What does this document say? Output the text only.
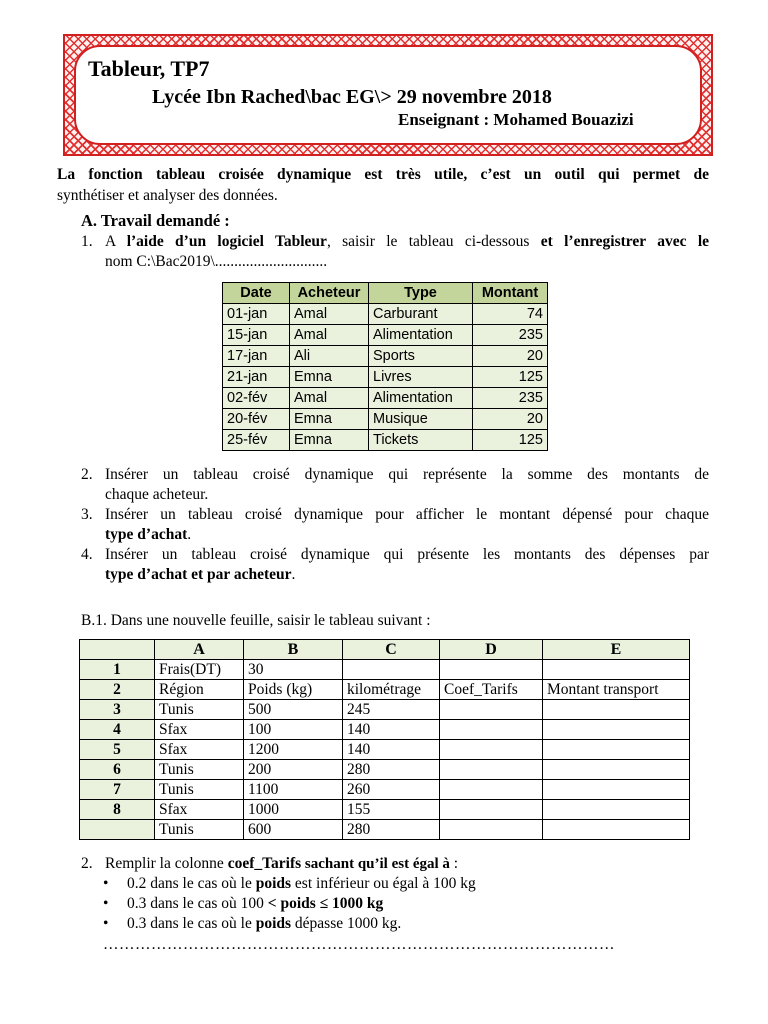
Tableur, TP7
Lycée Ibn Rached\bac EG\> 29 novembre 2018
Enseignant : Mohamed Bouazizi
La fonction tableau croisée dynamique est très utile, c’est un outil qui permet de
synthétiser et analyser des données.
A. Travail demandé :
1. A l’aide d’un logiciel Tableur, saisir le tableau ci-dessous et l’enregistrer avec le
nom C:\Bac2019\.............................
Date	Acheteur	Type	Montant
01-jan	Amal	Carburant	74
15-jan	Amal	Alimentation	235
17-jan	Ali	Sports	20
21-jan	Emna	Livres	125
02-fév	Amal	Alimentation	235
20-fév	Emna	Musique	20
25-fév	Emna	Tickets	125
2. Insérer un tableau croisé dynamique qui représente la somme des montants de
chaque acheteur.
3. Insérer un tableau croisé dynamique pour afficher le montant dépensé pour chaque
type d’achat.
4. Insérer un tableau croisé dynamique qui présente les montants des dépenses par
type d’achat et par acheteur.
B.1. Dans une nouvelle feuille, saisir le tableau suivant :
	A	B	C	D	E
1	Frais(DT)	30			
2	Région	Poids (kg)	kilométrage	Coef_Tarifs	Montant transport
3	Tunis	500	245		
4	Sfax	100	140		
5	Sfax	1200	140		
6	Tunis	200	280		
7	Tunis	1100	260		
8	Sfax	1000	155		
	Tunis	600	280		
2. Remplir la colonne coef_Tarifs sachant qu’il est égal à :
• 0.2 dans le cas où le poids est inférieur ou égal à 100 kg
• 0.3 dans le cas où 100 < poids ≤ 1000 kg
• 0.3 dans le cas où le poids dépasse 1000 kg.
……………………………………………………………………………………
